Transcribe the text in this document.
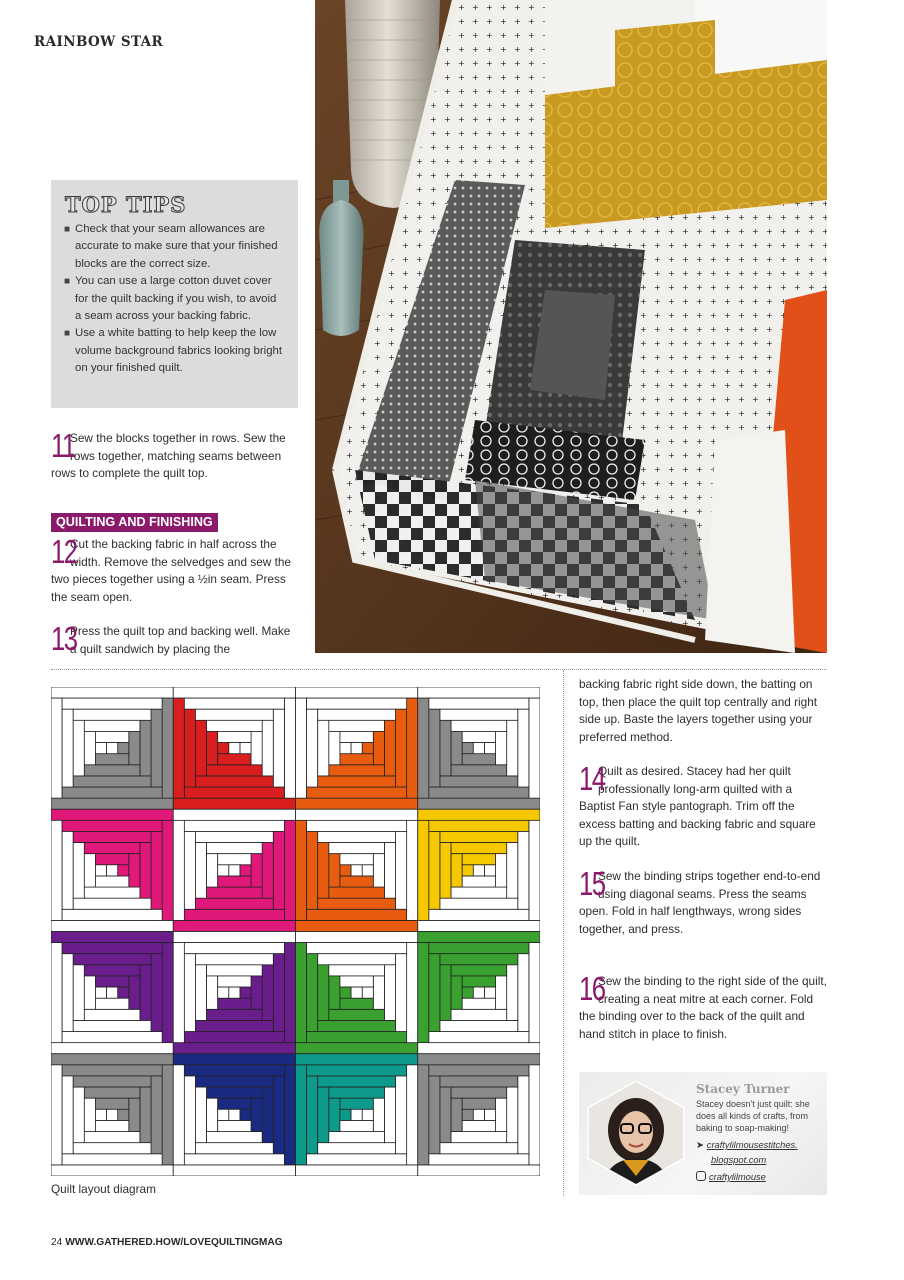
RAINBOW STAR
TOP TIPS
■ Check that your seam allowances are accurate to make sure that your finished blocks are the correct size.
■ You can use a large cotton duvet cover for the quilt backing if you wish, to avoid a seam across your backing fabric.
■ Use a white batting to help keep the low volume background fabrics looking bright on your finished quilt.
11
Sew the blocks together in rows. Sew the rows together, matching seams between rows to complete the quilt top.
QUILTING AND FINISHING
12
Cut the backing fabric in half across the width. Remove the selvedges and sew the two pieces together using a ½in seam. Press the seam open.
13
Press the quilt top and backing well. Make a quilt sandwich by placing the
Quilt layout diagram
backing fabric right side down, the batting on top, then place the quilt top centrally and right side up. Baste the layers together using your preferred method.
14
Quilt as desired. Stacey had her quilt professionally long-arm quilted with a Baptist Fan style pantograph. Trim off the excess batting and backing fabric and square up the quilt.
15
Sew the binding strips together end-to-end using diagonal seams. Press the seams open. Fold in half lengthways, wrong sides together, and press.
16
Sew the binding to the right side of the quilt, creating a neat mitre at each corner. Fold the binding over to the back of the quilt and hand stitch in place to finish.
Stacey Turner
Stacey doesn't just quilt: she does all kinds of crafts, from baking to soap-making!
➤ craftylilmousestitches.
blogspot.com
craftylilmouse
24 WWW.GATHERED.HOW/LOVEQUILTINGMAG
